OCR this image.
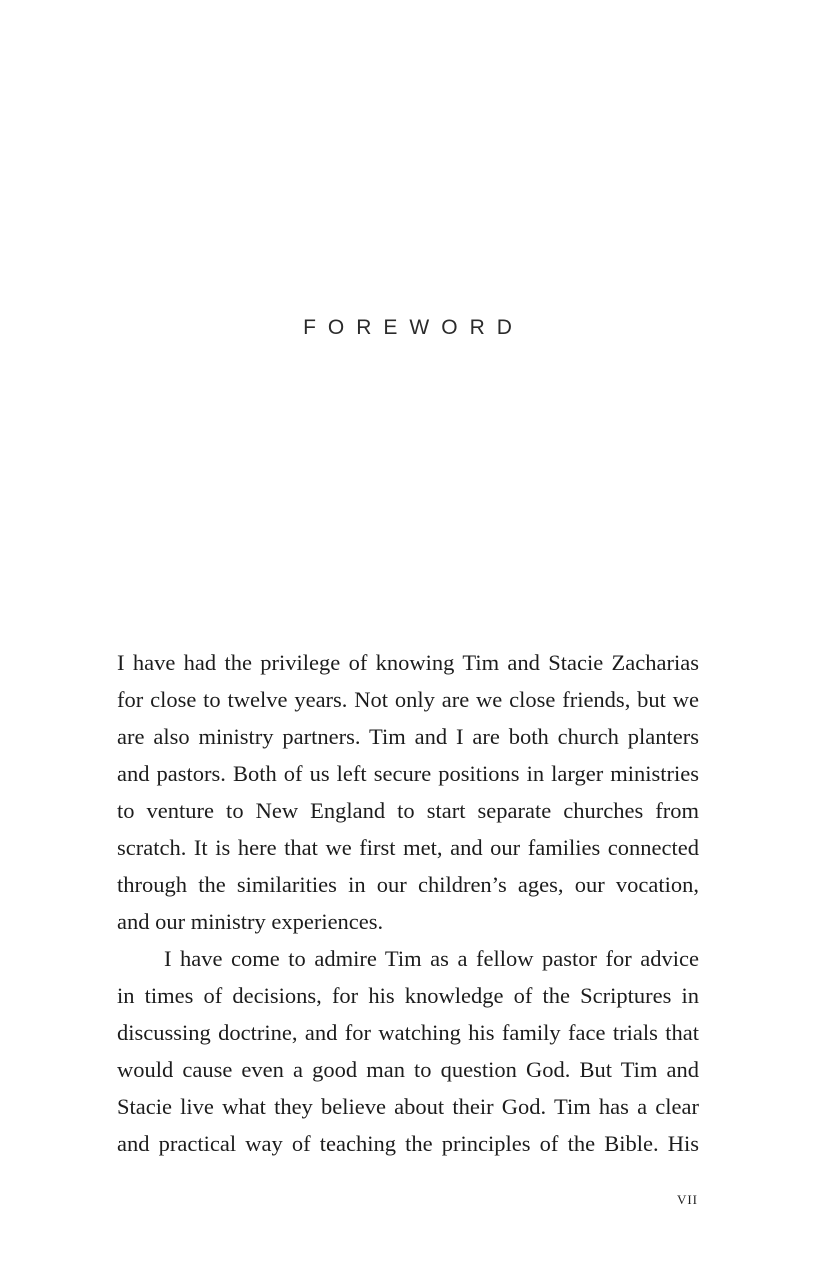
FOREWORD
I have had the privilege of knowing Tim and Stacie Zacharias
for close to twelve years. Not only are we close friends, but we
are also ministry partners. Tim and I are both church planters
and pastors. Both of us left secure positions in larger ministries
to venture to New England to start separate churches from
scratch. It is here that we first met, and our families connected
through the similarities in our children’s ages, our vocation,
and our ministry experiences.
I have come to admire Tim as a fellow pastor for advice
in times of decisions, for his knowledge of the Scriptures in
discussing doctrine, and for watching his family face trials that
would cause even a good man to question God. But Tim and
Stacie live what they believe about their God. Tim has a clear
and practical way of teaching the principles of the Bible. His
vii
